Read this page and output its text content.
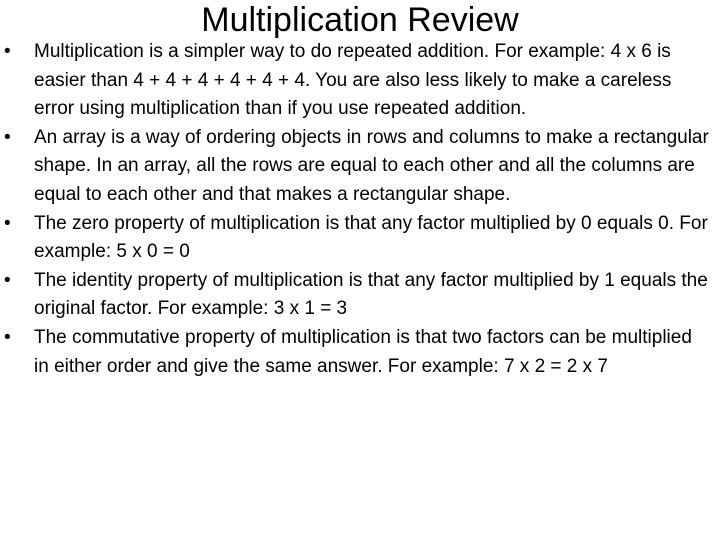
Multiplication Review
•	Multiplication is a simpler way to do repeated addition. For example: 4 x 6 is easier than 4 + 4 + 4 + 4 + 4 + 4. You are also less likely to make a careless error using multiplication than if you use repeated addition.
•	An array is a way of ordering objects in rows and columns to make a rectangular shape. In an array, all the rows are equal to each other and all the columns are equal to each other and that makes a rectangular shape.
•	The zero property of multiplication is that any factor multiplied by 0 equals 0. For example: 5 x 0 = 0
•	The identity property of multiplication is that any factor multiplied by 1 equals the original factor. For example: 3 x 1 = 3
•	The commutative property of multiplication is that two factors can be multiplied in either order and give the same answer. For example: 7 x 2 = 2 x 7
